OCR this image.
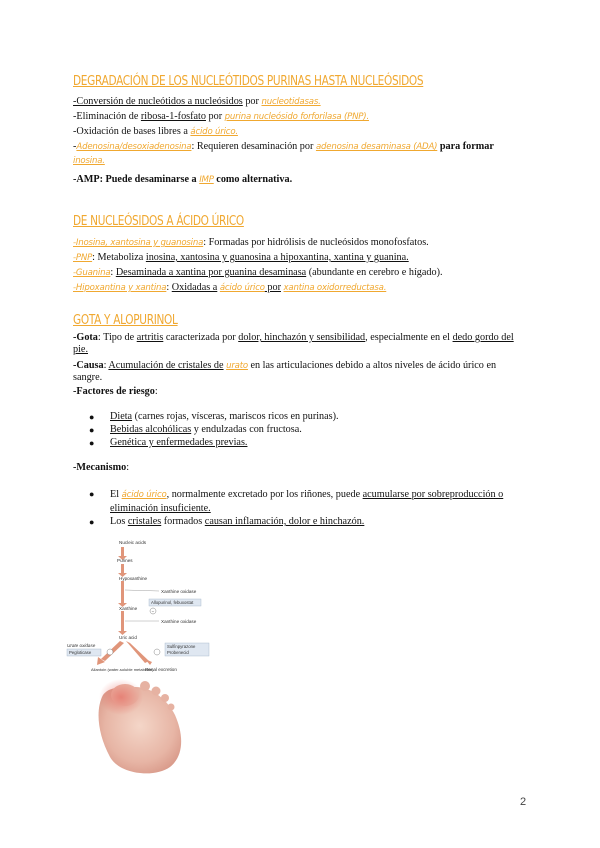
DEGRADACIÓN DE LOS NUCLEÓTIDOS PURINAS HASTA NUCLEÓSIDOS
-Conversión de nucleótidos a nucleósidos por nucleotidasas.
-Eliminación de ribosa-1-fosfato por purina nucleósido forforilasa (PNP).
-Oxidación de bases libres a ácido úrico.
-Adenosina/desoxiadenosina: Requieren desaminación por adenosina desaminasa (ADA) para formar
inosina.
-AMP: Puede desaminarse a IMP como alternativa.
DE NUCLEÓSIDOS A ÁCIDO ÚRICO
-Inosina, xantosina y guanosina: Formadas por hidrólisis de nucleósidos monofosfatos.
-PNP: Metaboliza inosina, xantosina y guanosina a hipoxantina, xantina y guanina.
-Guanina: Desaminada a xantina por guanina desaminasa (abundante en cerebro e hígado).
-Hipoxantina y xantina: Oxidadas a ácido úrico por xantina oxidorreductasa.
GOTA Y ALOPURINOL
-Gota: Tipo de artritis caracterizada por dolor, hinchazón y sensibilidad, especialmente en el dedo gordo del pie.
-Causa: Acumulación de cristales de urato en las articulaciones debido a altos niveles de ácido úrico en sangre.
-Factores de riesgo:
● Dieta (carnes rojas, vísceras, mariscos ricos en purinas).
● Bebidas alcohólicas y endulzadas con fructosa.
● Genética y enfermedades previas.
-Mecanismo:
● El ácido úrico, normalmente excretado por los riñones, puede acumularse por sobreproducción o eliminación insuficiente.
● Los cristales formados causan inflamación, dolor e hinchazón.
Nucleic acids
Purines
Hypoxanthine
Xanthine
Uric acid
Allantoin (water-soluble metabolite)
Renal excretion
Xanthine oxidase
Allopurinol, febuxostat
−
Xanthine oxidase
Urate oxidase
Pegloticase
Sulfinpyrazone
Probenecid
2
